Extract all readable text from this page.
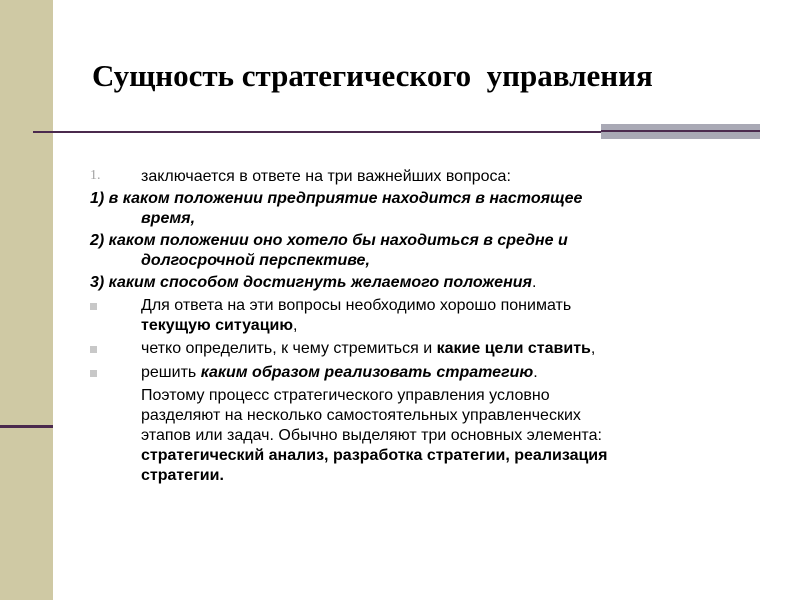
Сущность стратегического  управления
1.	заключается в ответе на три важнейших вопроса:
1) в каком положении предприятие находится в настоящее
время,
2) каком положении оно хотело бы находиться в средне и
долгосрочной перспективе,
3) каким способом достигнуть желаемого положения.
Для ответа на эти вопросы необходимо хорошо понимать
текущую ситуацию,
четко определить, к чему стремиться и какие цели ставить,
решить каким образом реализовать стратегию.
Поэтому процесс стратегического управления условно
разделяют на несколько самостоятельных управленческих
этапов или задач. Обычно выделяют три основных элемента:
стратегический анализ, разработка стратегии, реализация
стратегии.
